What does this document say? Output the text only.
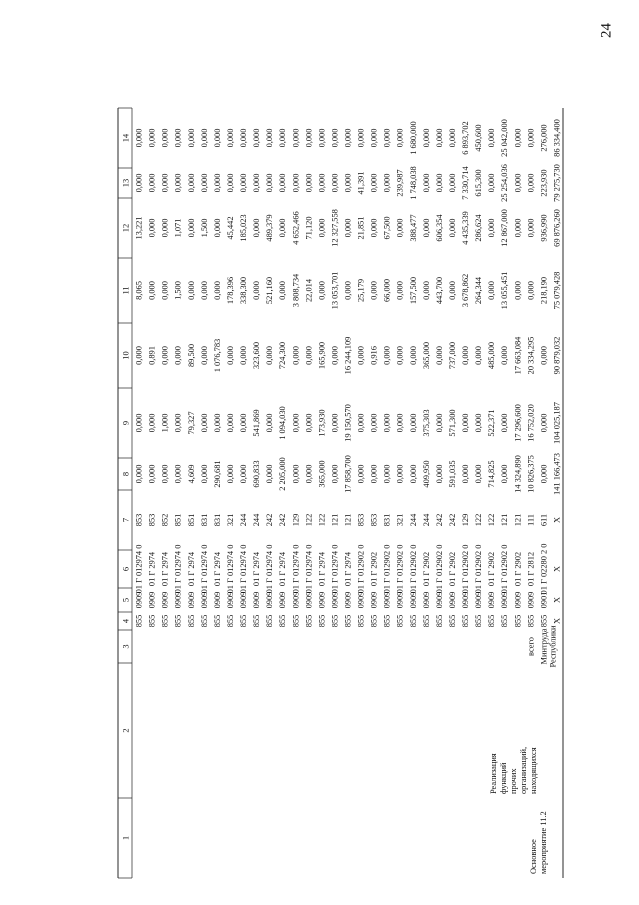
24
1
2
3
4
5
6
7
8
9
10
11
12
13
14
855
0909
01 Г 012974 0
853
0,000
0,000
0,000
8,065
13,221
0,000
0,000
855
0909
01 Г 2974
853
0,000
0,000
0,891
0,000
0,000
0,000
0,000
855
0909
01 Г 2974
852
0,000
1,000
0,000
0,000
0,000
0,000
0,000
855
0909
01 Г 012974 0
851
0,000
0,000
0,000
1,500
1,071
0,000
0,000
855
0909
01 Г 2974
851
4,609
79,327
89,500
0,000
0,000
0,000
0,000
855
0909
01 Г 012974 0
831
0,000
0,000
0,000
0,000
1,500
0,000
0,000
855
0909
01 Г 2974
831
290,681
0,000
1 076,783
0,000
0,000
0,000
0,000
855
0909
01 Г 012974 0
321
0,000
0,000
0,000
178,396
45,442
0,000
0,000
855
0909
01 Г 012974 0
244
0,000
0,000
0,000
338,300
185,023
0,000
0,000
855
0909
01 Г 2974
244
690,833
541,869
323,600
0,000
0,000
0,000
0,000
855
0909
01 Г 012974 0
242
0,000
0,000
0,000
521,160
489,379
0,000
0,000
855
0909
01 Г 2974
242
2 205,000
1 094,030
724,300
0,000
0,000
0,000
0,000
855
0909
01 Г 012974 0
129
0,000
0,000
0,000
3 808,734
4 652,466
0,000
0,000
855
0909
01 Г 012974 0
122
0,000
0,000
0,000
22,014
71,120
0,000
0,000
855
0909
01 Г 2974
122
365,000
173,930
165,900
0,000
0,000
0,000
0,000
855
0909
01 Г 012974 0
121
0,000
0,000
0,000
13 053,701
12 327,558
0,000
0,000
855
0909
01 Г 2974
121
17 858,700
19 150,570
16 244,109
0,000
0,000
0,000
0,000
855
0909
01 Г 012902 0
853
0,000
0,000
0,000
25,179
21,851
41,391
0,000
855
0909
01 Г 2902
853
0,000
0,000
0,916
0,000
0,000
0,000
0,000
855
0909
01 Г 012902 0
831
0,000
0,000
0,000
66,000
67,500
0,000
0,000
855
0909
01 Г 012902 0
321
0,000
0,000
0,000
0,000
0,000
239,987
0,000
855
0909
01 Г 012902 0
244
0,000
0,000
0,000
157,500
388,477
1 748,038
1 680,000
855
0909
01 Г 2902
244
409,950
375,303
365,000
0,000
0,000
0,000
0,000
855
0909
01 Г 012902 0
242
0,000
0,000
0,000
443,700
606,354
0,000
0,000
855
0909
01 Г 2902
242
591,035
571,300
737,000
0,000
0,000
0,000
0,000
855
0909
01 Г 012902 0
129
0,000
0,000
0,000
3 678,862
4 435,339
7 330,714
6 893,702
855
0909
01 Г 012902 0
122
0,000
0,000
0,000
264,344
286,624
615,300
450,600
855
0909
01 Г 2902
122
714,825
522,371
485,000
0,000
0,000
0,000
0,000
855
0909
01 Г 012902 0
121
0,000
0,000
0,000
13 055,451
12 867,000
25 254,036
25 042,000
855
0909
01 Г 2902
121
14 324,890
17 296,600
17 663,084
0,000
0,000
0,000
0,000
855
0909
01 Г 2812
111
10 826,375
16 752,020
20 334,295
0,000
0,000
0,000
0,000
855
0901
01 Г 02280 2 0
611
0,000
0,000
0,000
218,190
936,990
223,930
276,000
X
X
X
X
141 166,473
104 025,187
90 879,032
75 079,428
69 876,260
79 275,730
86 334,400
Основное мероприятие 11.2
Реализация функций прочих организаций, находящихся
всего Минтруда Республики
